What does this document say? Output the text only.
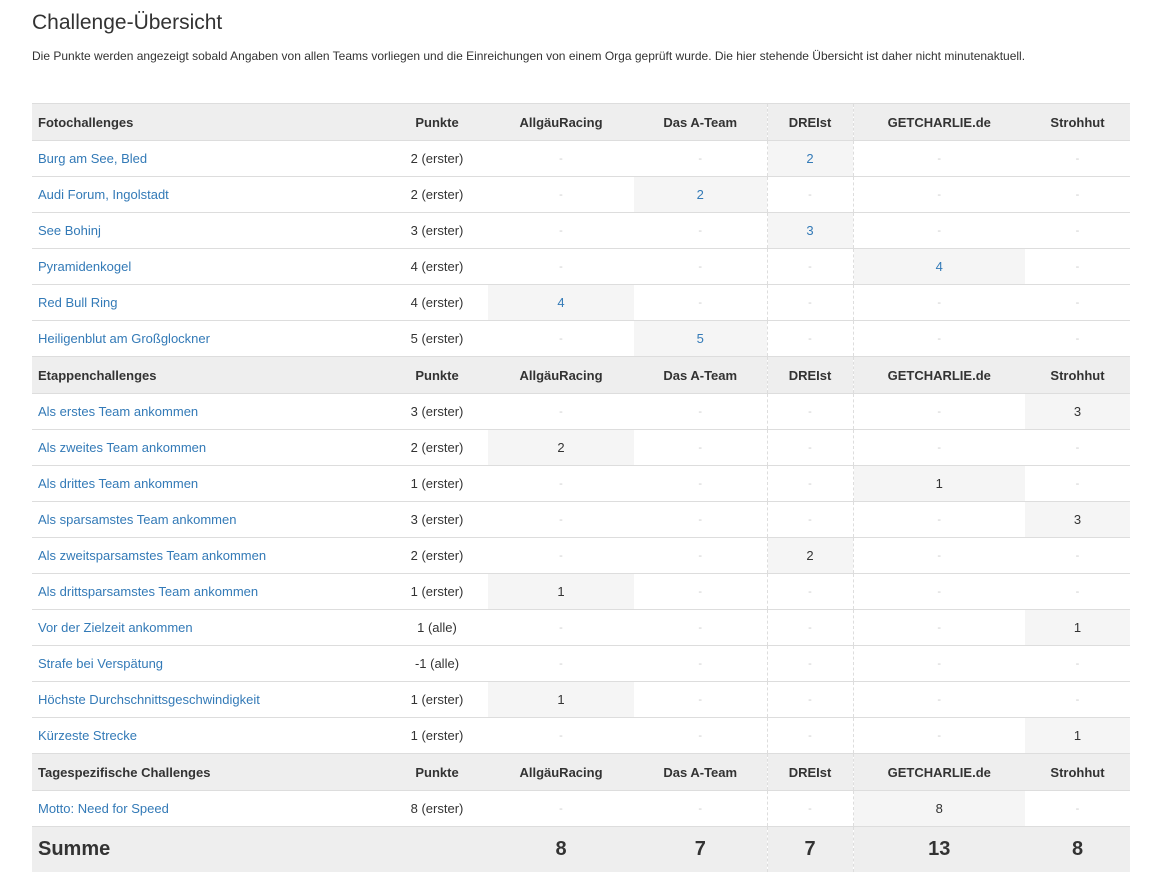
Challenge-Übersicht
Die Punkte werden angezeigt sobald Angaben von allen Teams vorliegen und die Einreichungen von einem Orga geprüft wurde. Die hier stehende Übersicht ist daher nicht minutenaktuell.
Fotochallenges	Punkte	AllgäuRacing	Das A-Team	DREIst	GETCHARLIE.de	Strohhut
Burg am See, Bled	2 (erster)	-	-	2	-	-
Audi Forum, Ingolstadt	2 (erster)	-	2	-	-	-
See Bohinj	3 (erster)	-	-	3	-	-
Pyramidenkogel	4 (erster)	-	-	-	4	-
Red Bull Ring	4 (erster)	4	-	-	-	-
Heiligenblut am Großglockner	5 (erster)	-	5	-	-	-
Etappenchallenges	Punkte	AllgäuRacing	Das A-Team	DREIst	GETCHARLIE.de	Strohhut
Als erstes Team ankommen	3 (erster)	-	-	-	-	3
Als zweites Team ankommen	2 (erster)	2	-	-	-	-
Als drittes Team ankommen	1 (erster)	-	-	-	1	-
Als sparsamstes Team ankommen	3 (erster)	-	-	-	-	3
Als zweitsparsamstes Team ankommen	2 (erster)	-	-	2	-	-
Als drittsparsamstes Team ankommen	1 (erster)	1	-	-	-	-
Vor der Zielzeit ankommen	1 (alle)	-	-	-	-	1
Strafe bei Verspätung	-1 (alle)	-	-	-	-	-
Höchste Durchschnittsgeschwindigkeit	1 (erster)	1	-	-	-	-
Kürzeste Strecke	1 (erster)	-	-	-	-	1
Tagespezifische Challenges	Punkte	AllgäuRacing	Das A-Team	DREIst	GETCHARLIE.de	Strohhut
Motto: Need for Speed	8 (erster)	-	-	-	8	-
Summe		8	7	7	13	8
